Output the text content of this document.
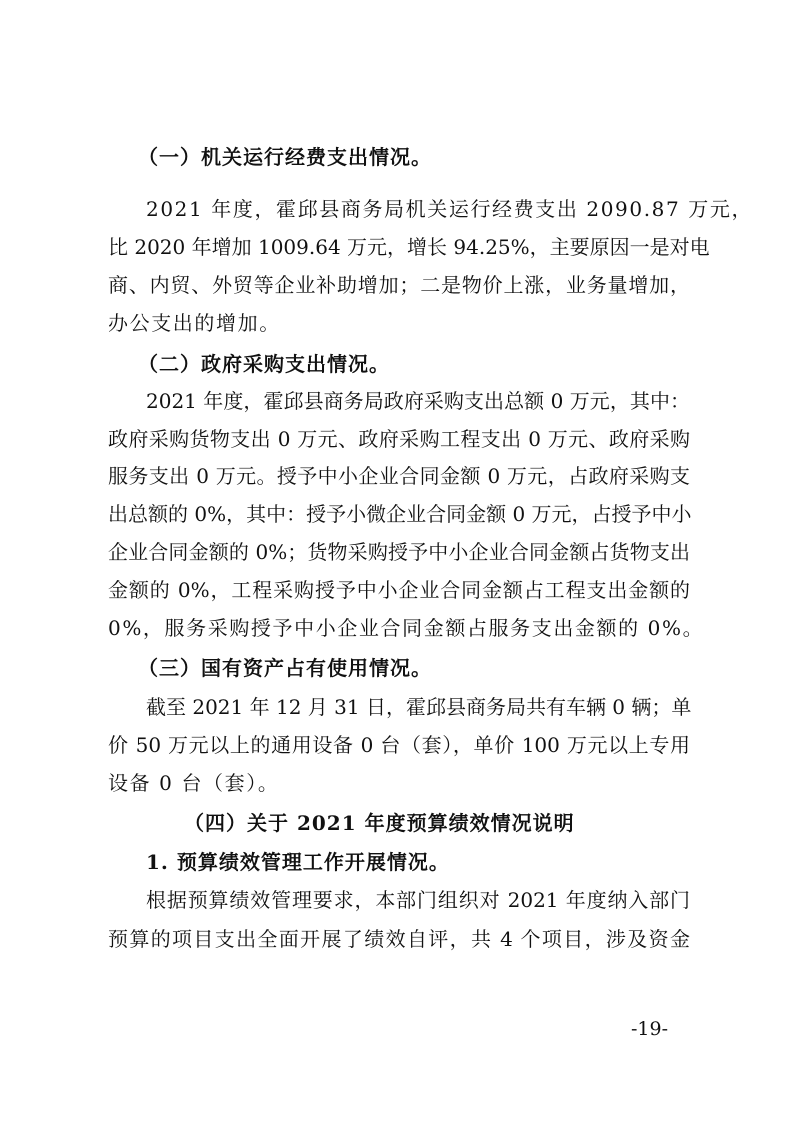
（一）机关运行经费支出情况。
2021 年度，霍邱县商务局机关运行经费支出 2090.87 万元，
比 2020 年增加 1009.64 万元，增长 94.25%，主要原因一是对电
商、内贸、外贸等企业补助增加；二是物价上涨，业务量增加，
办公支出的增加。
（二）政府采购支出情况。
2021 年度，霍邱县商务局政府采购支出总额 0 万元，其中：
政府采购货物支出 0 万元、政府采购工程支出 0 万元、政府采购
服务支出 0 万元。授予中小企业合同金额 0 万元，占政府采购支
出总额的 0%，其中：授予小微企业合同金额 0 万元，占授予中小
企业合同金额的 0%；货物采购授予中小企业合同金额占货物支出
金额的 0%，工程采购授予中小企业合同金额占工程支出金额的
0%，服务采购授予中小企业合同金额占服务支出金额的 0%。
（三）国有资产占有使用情况。
截至 2021 年 12 月 31 日，霍邱县商务局共有车辆 0 辆；单
价 50 万元以上的通用设备 0 台（套），单价 100 万元以上专用
设备 0 台（套）。
（四）关于 2021 年度预算绩效情况说明
1. 预算绩效管理工作开展情况。
根据预算绩效管理要求，本部门组织对 2021 年度纳入部门
预算的项目支出全面开展了绩效自评，共 4 个项目，涉及资金
-19-
